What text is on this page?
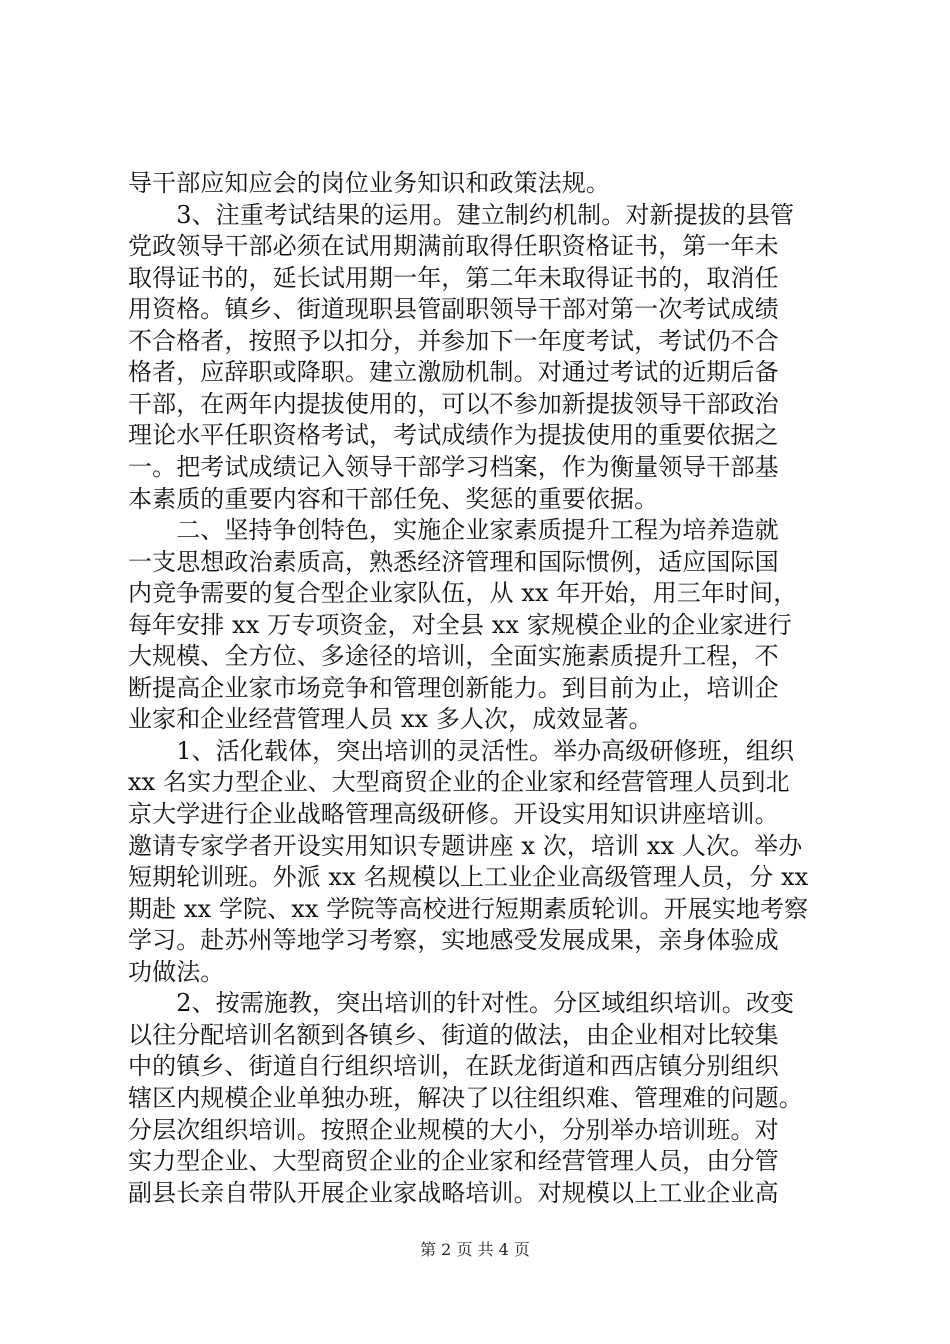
导干部应知应会的岗位业务知识和政策法规。
　　3、注重考试结果的运用。建立制约机制。对新提拔的县管
党政领导干部必须在试用期满前取得任职资格证书，第一年未
取得证书的，延长试用期一年，第二年未取得证书的，取消任
用资格。镇乡、街道现职县管副职领导干部对第一次考试成绩
不合格者，按照予以扣分，并参加下一年度考试，考试仍不合
格者，应辞职或降职。建立激励机制。对通过考试的近期后备
干部，在两年内提拔使用的，可以不参加新提拔领导干部政治
理论水平任职资格考试，考试成绩作为提拔使用的重要依据之
一。把考试成绩记入领导干部学习档案，作为衡量领导干部基
本素质的重要内容和干部任免、奖惩的重要依据。
　　二、坚持争创特色，实施企业家素质提升工程为培养造就
一支思想政治素质高，熟悉经济管理和国际惯例，适应国际国
内竞争需要的复合型企业家队伍，从 xx 年开始，用三年时间，
每年安排 xx 万专项资金，对全县 xx 家规模企业的企业家进行
大规模、全方位、多途径的培训，全面实施素质提升工程，不
断提高企业家市场竞争和管理创新能力。到目前为止，培训企
业家和企业经营管理人员 xx 多人次，成效显著。
　　1、活化载体，突出培训的灵活性。举办高级研修班，组织
xx 名实力型企业、大型商贸企业的企业家和经营管理人员到北
京大学进行企业战略管理高级研修。开设实用知识讲座培训。
邀请专家学者开设实用知识专题讲座 x 次，培训 xx 人次。举办
短期轮训班。外派 xx 名规模以上工业企业高级管理人员，分 xx
期赴 xx 学院、xx 学院等高校进行短期素质轮训。开展实地考察
学习。赴苏州等地学习考察，实地感受发展成果，亲身体验成
功做法。
　　2、按需施教，突出培训的针对性。分区域组织培训。改变
以往分配培训名额到各镇乡、街道的做法，由企业相对比较集
中的镇乡、街道自行组织培训，在跃龙街道和西店镇分别组织
辖区内规模企业单独办班，解决了以往组织难、管理难的问题。
分层次组织培训。按照企业规模的大小，分别举办培训班。对
实力型企业、大型商贸企业的企业家和经营管理人员，由分管
副县长亲自带队开展企业家战略培训。对规模以上工业企业高
第 2 页 共 4 页
